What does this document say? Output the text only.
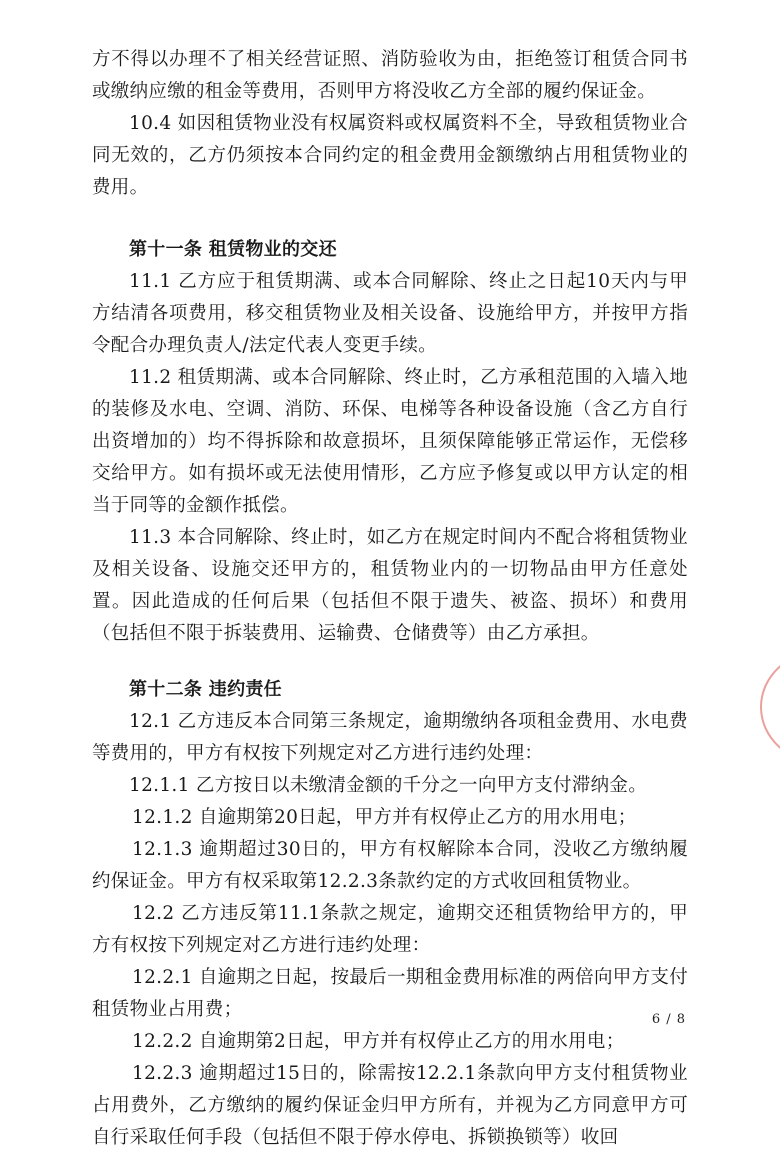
方不得以办理不了相关经营证照、消防验收为由，拒绝签订租赁合同书或缴纳应缴的租金等费用，否则甲方将没收乙方全部的履约保证金。

10.4 如因租赁物业没有权属资料或权属资料不全，导致租赁物业合同无效的，乙方仍须按本合同约定的租金费用金额缴纳占用租赁物业的费用。

第十一条 租赁物业的交还

11.1 乙方应于租赁期满、或本合同解除、终止之日起10天内与甲方结清各项费用，移交租赁物业及相关设备、设施给甲方，并按甲方指令配合办理负责人/法定代表人变更手续。

11.2 租赁期满、或本合同解除、终止时，乙方承租范围的入墙入地的装修及水电、空调、消防、环保、电梯等各种设备设施（含乙方自行出资增加的）均不得拆除和故意损坏，且须保障能够正常运作，无偿移交给甲方。如有损坏或无法使用情形，乙方应予修复或以甲方认定的相当于同等的金额作抵偿。

11.3 本合同解除、终止时，如乙方在规定时间内不配合将租赁物业及相关设备、设施交还甲方的，租赁物业内的一切物品由甲方任意处置。因此造成的任何后果（包括但不限于遗失、被盗、损坏）和费用（包括但不限于拆装费用、运输费、仓储费等）由乙方承担。

第十二条 违约责任

12.1 乙方违反本合同第三条规定，逾期缴纳各项租金费用、水电费等费用的，甲方有权按下列规定对乙方进行违约处理：

12.1.1 乙方按日以未缴清金额的千分之一向甲方支付滞纳金。

12.1.2 自逾期第20日起，甲方并有权停止乙方的用水用电；

12.1.3 逾期超过30日的，甲方有权解除本合同，没收乙方缴纳履约保证金。甲方有权采取第12.2.3条款约定的方式收回租赁物业。

12.2 乙方违反第11.1条款之规定，逾期交还租赁物给甲方的，甲方有权按下列规定对乙方进行违约处理：

12.2.1 自逾期之日起，按最后一期租金费用标准的两倍向甲方支付租赁物业占用费；

12.2.2 自逾期第2日起，甲方并有权停止乙方的用水用电；

12.2.3 逾期超过15日的，除需按12.2.1条款向甲方支付租赁物业占用费外，乙方缴纳的履约保证金归甲方所有，并视为乙方同意甲方可自行采取任何手段（包括但不限于停水停电、拆锁换锁等）收回

6 / 8
